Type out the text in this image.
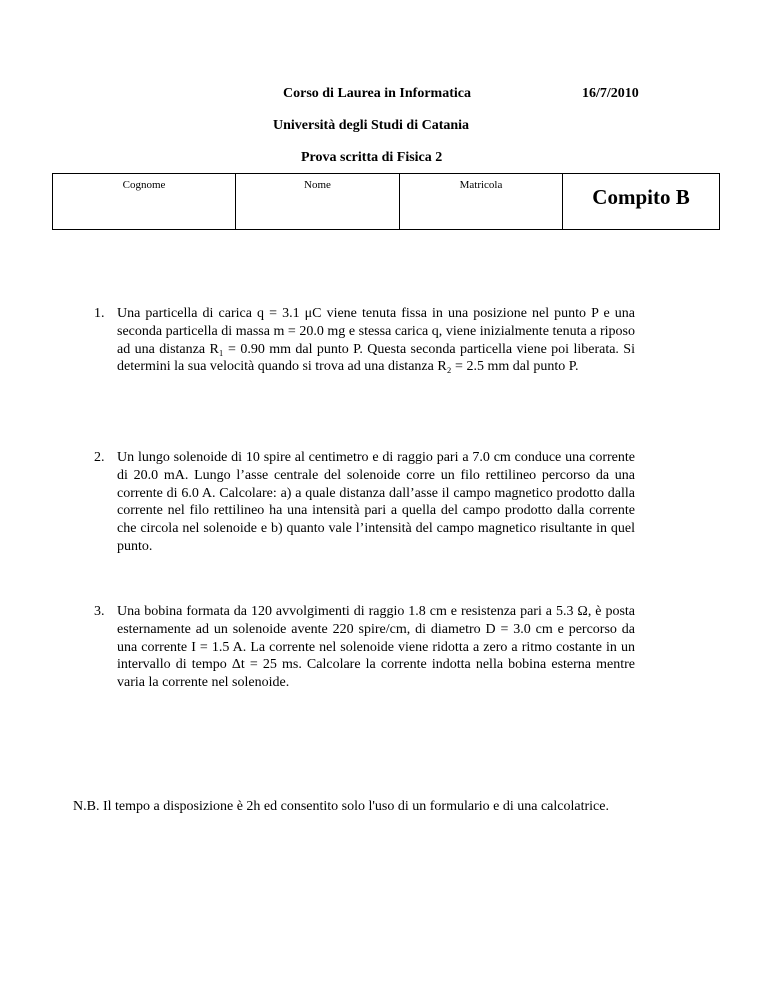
Corso di Laurea in Informatica	16/7/2010
Università degli Studi di Catania
Prova scritta di Fisica 2
Cognome	Nome	Matricola	Compito B
1. Una particella di carica q = 3.1 μC viene tenuta fissa in una posizione nel punto P e una seconda particella di massa m = 20.0 mg e stessa carica q, viene inizialmente tenuta a riposo ad una distanza R₁ = 0.90 mm dal punto P. Questa seconda particella viene poi liberata. Si determini la sua velocità quando si trova ad una distanza R₂ = 2.5 mm dal punto P.
2. Un lungo solenoide di 10 spire al centimetro e di raggio pari a 7.0 cm conduce una corrente di 20.0 mA. Lungo l’asse centrale del solenoide corre un filo rettilineo percorso da una corrente di 6.0 A. Calcolare: a) a quale distanza dall’asse il campo magnetico prodotto dalla corrente nel filo rettilineo ha una intensità pari a quella del campo prodotto dalla corrente che circola nel solenoide e b) quanto vale l’intensità del campo magnetico risultante in quel punto.
3. Una bobina formata da 120 avvolgimenti di raggio 1.8 cm e resistenza pari a 5.3 Ω, è posta esternamente ad un solenoide avente 220 spire/cm, di diametro D = 3.0 cm e percorso da una corrente I = 1.5 A. La corrente nel solenoide viene ridotta a zero a ritmo costante in un intervallo di tempo Δt = 25 ms. Calcolare la corrente indotta nella bobina esterna mentre varia la corrente nel solenoide.
N.B. Il tempo a disposizione è 2h ed consentito solo l'uso di un formulario e di una calcolatrice.
